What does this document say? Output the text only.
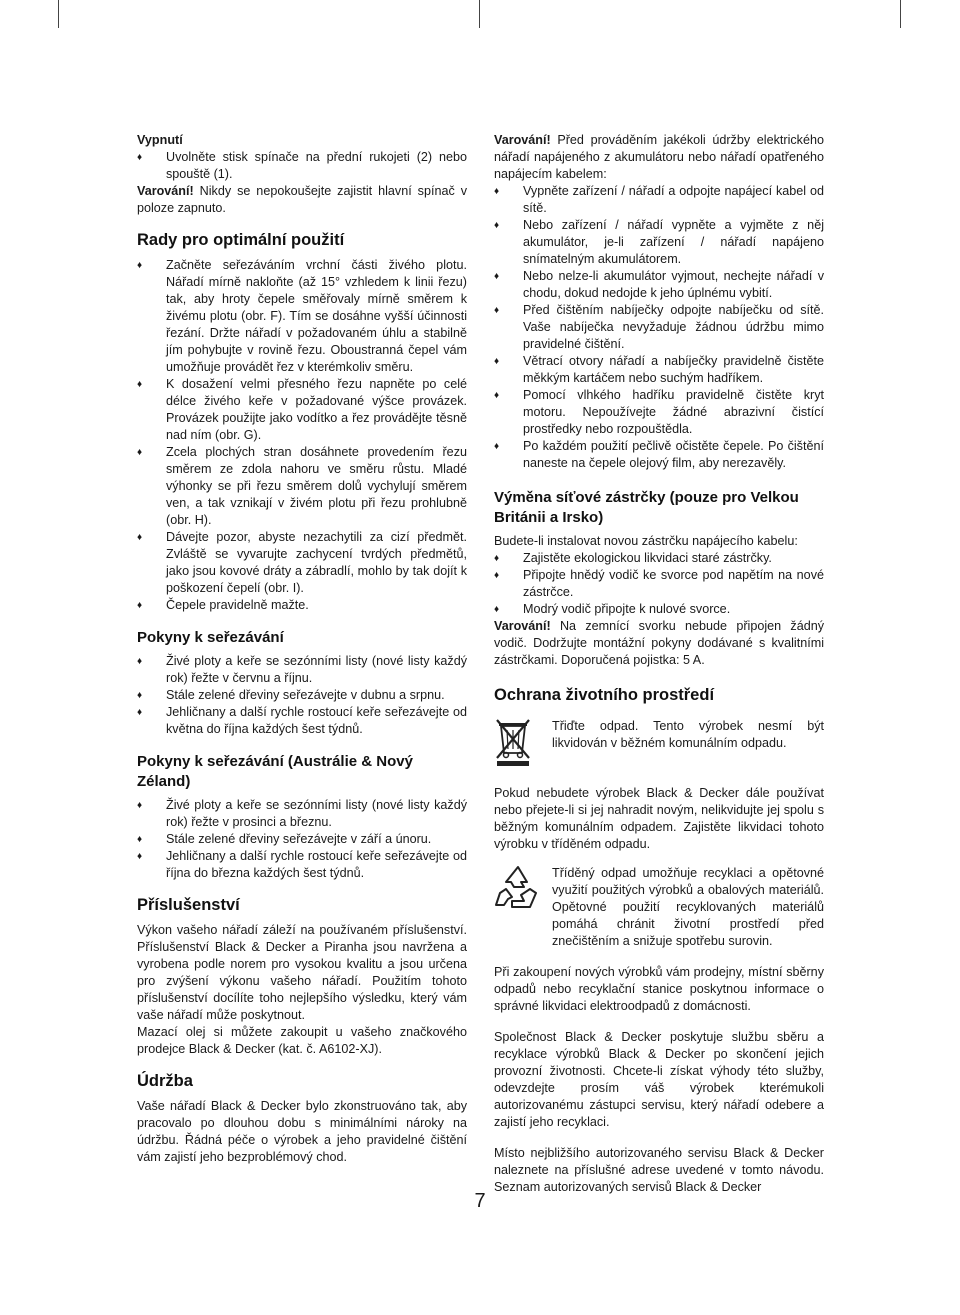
Vypnutí

♦ Uvolněte stisk spínače na přední rukojeti (2) nebo spouště (1).

Varování! Nikdy se nepokoušejte zajistit hlavní spínač v poloze zapnuto.

Rady pro optimální použití
♦ Začněte seřezáváním vrchní části živého plotu. Nářadí mírně nakloňte (až 15° vzhledem k linii řezu) tak, aby hroty čepele směřovaly mírně směrem k živému plotu (obr. F). Tím se dosáhne vyšší účinnosti řezání. Držte nářadí v požadovaném úhlu a stabilně jím pohybujte v rovině řezu. Oboustranná čepel vám umožňuje provádět řez v kterémkoliv směru.
♦ K dosažení velmi přesného řezu napněte po celé délce živého keře v požadované výšce provázek. Provázek použijte jako vodítko a řez provádějte těsně nad ním (obr. G).
♦ Zcela plochých stran dosáhnete provedením řezu směrem ze zdola nahoru ve směru růstu. Mladé výhonky se při řezu směrem dolů vychylují směrem ven, a tak vznikají v živém plotu při řezu prohlubně (obr. H).
♦ Dávejte pozor, abyste nezachytili za cizí předmět. Zvláště se vyvarujte zachycení tvrdých předmětů, jako jsou kovové dráty a zábradlí, mohlo by tak dojít k poškození čepelí (obr. I).
♦ Čepele pravidelně mažte.
Pokyny k seřezávání
♦ Živé ploty a keře se sezónními listy (nové listy každý rok) řežte v červnu a říjnu.
♦ Stále zelené dřeviny seřezávejte v dubnu a srpnu.
♦ Jehličnany a další rychle rostoucí keře seřezávejte od května do října každých šest týdnů.
Pokyny k seřezávání (Austrálie & Nový Zéland)
♦ Živé ploty a keře se sezónními listy (nové listy každý rok) řežte v prosinci a březnu.
♦ Stále zelené dřeviny seřezávejte v září a únoru.
♦ Jehličnany a další rychle rostoucí keře seřezávejte od října do března každých šest týdnů.
Příslušenství

Výkon vašeho nářadí záleží na používaném příslušenství. Příslušenství Black & Decker a Piranha jsou navržena a vyrobena podle norem pro vysokou kvalitu a jsou určena pro zvýšení výkonu vašeho nářadí. Použitím tohoto příslušenství docílíte toho nejlepšího výsledku, který vám vaše nářadí může poskytnout.

Mazací olej si můžete zakoupit u vašeho značkového prodejce Black & Decker (kat. č. A6102-XJ).

Údržba

Vaše nářadí Black & Decker bylo zkonstruováno tak, aby pracovalo po dlouhou dobu s minimálními nároky na údržbu. Řádná péče o výrobek a jeho pravidelné čištění vám zajistí jeho bezproblémový chod.

Varování! Před prováděním jakékoli údržby elektrického nářadí napájeného z akumulátoru nebo nářadí opatřeného napájecím kabelem:

♦ Vypněte zařízení / nářadí a odpojte napájecí kabel od sítě.
♦ Nebo zařízení / nářadí vypněte a vyjměte z něj akumulátor, je-li zařízení / nářadí napájeno snímatelným akumulátorem.
♦ Nebo nelze-li akumulátor vyjmout, nechejte nářadí v chodu, dokud nedojde k jeho úplnému vybití.
♦ Před čištěním nabíječky odpojte nabíječku od sítě. Vaše nabíječka nevyžaduje žádnou údržbu mimo pravidelné čištění.
♦ Větrací otvory nářadí a nabíječky pravidelně čistěte měkkým kartáčem nebo suchým hadříkem.
♦ Pomocí vlhkého hadříku pravidelně čistěte kryt motoru. Nepoužívejte žádné abrazivní čistící prostředky nebo rozpouštědla.
♦ Po každém použití pečlivě očistěte čepele. Po čištění naneste na čepele olejový film, aby nerezavěly.
Výměna síťové zástrčky (pouze pro Velkou Británii a Irsko)

Budete-li instalovat novou zástrčku napájecího kabelu:

♦ Zajistěte ekologickou likvidaci staré zástrčky.
♦ Připojte hnědý vodič ke svorce pod napětím na nové zástrčce.
♦ Modrý vodič připojte k nulové svorce.

Varování! Na zemnící svorku nebude připojen žádný vodič. Dodržujte montážní pokyny dodávané s kvalitními zástrčkami. Doporučená pojistka: 5 A.

Ochrana životního prostředí
Třiďte odpad. Tento výrobek nesmí být likvidován v běžném komunálním odpadu.

Pokud nebudete výrobek Black & Decker dále používat nebo přejete-li si jej nahradit novým, nelikvidujte jej spolu s běžným komunálním odpadem. Zajistěte likvidaci tohoto výrobku v tříděném odpadu.

Tříděný odpad umožňuje recyklaci a opětovné využití použitých výrobků a obalových materiálů. Opětovné použití recyklovaných materiálů pomáhá chránit životní prostředí před znečištěním a snižuje spotřebu surovin.

Při zakoupení nových výrobků vám prodejny, místní sběrny odpadů nebo recyklační stanice poskytnou informace o správné likvidaci elektroodpadů z domácnosti.

Společnost Black & Decker poskytuje službu sběru a recyklace výrobků Black & Decker po skončení jejich provozní životnosti. Chcete-li získat výhody této služby, odevzdejte prosím váš výrobek kterémukoli autorizovanému zástupci servisu, který nářadí odebere a zajistí jeho recyklaci.

Místo nejbližšího autorizovaného servisu Black & Decker naleznete na příslušné adrese uvedené v tomto návodu. Seznam autorizovaných servisů Black & Decker

7
